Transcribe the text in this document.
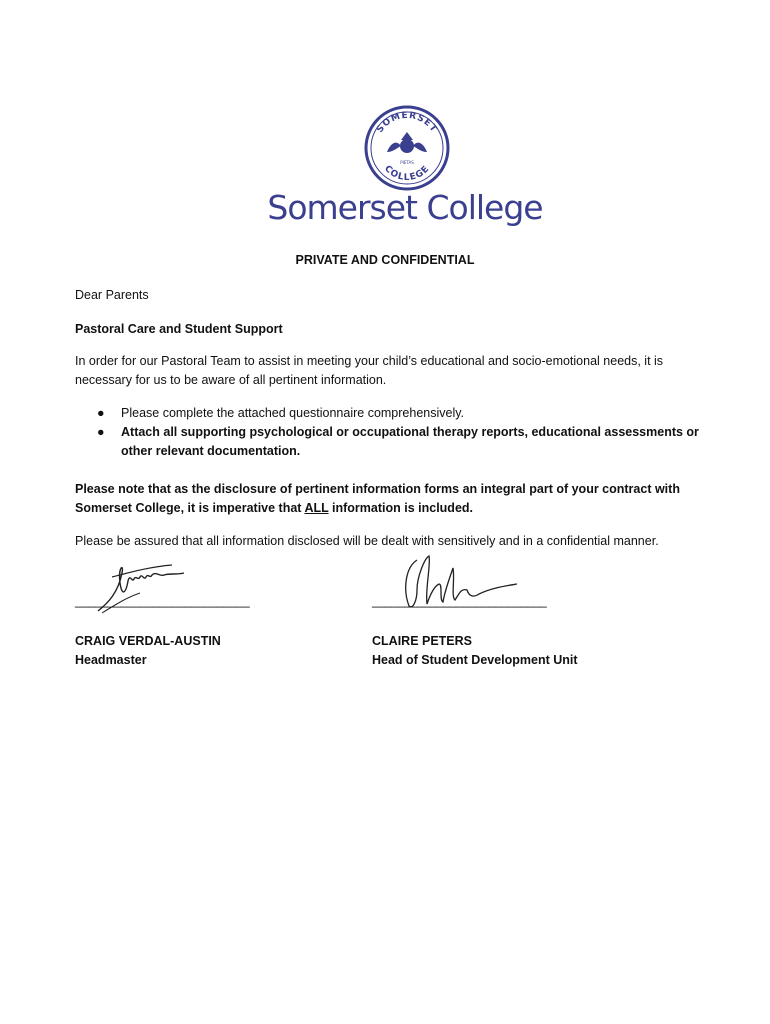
SOMERSET
COLLEGE
PIETAS
Somerset College
PRIVATE AND CONFIDENTIAL
Dear Parents
Pastoral Care and Student Support
In order for our Pastoral Team to assist in meeting your child’s educational and socio-emotional needs, it is necessary for us to be aware of all pertinent information.
● Please complete the attached questionnaire comprehensively.
● Attach all supporting psychological or occupational therapy reports, educational assessments or other relevant documentation.
Please note that as the disclosure of pertinent information forms an integral part of your contract with Somerset College, it is imperative that ALL information is included.
Please be assured that all information disclosed will be dealt with sensitively and in a confidential manner.
___________________________	___________________________
CRAIG VERDAL-AUSTIN
Headmaster
CLAIRE PETERS
Head of Student Development Unit
